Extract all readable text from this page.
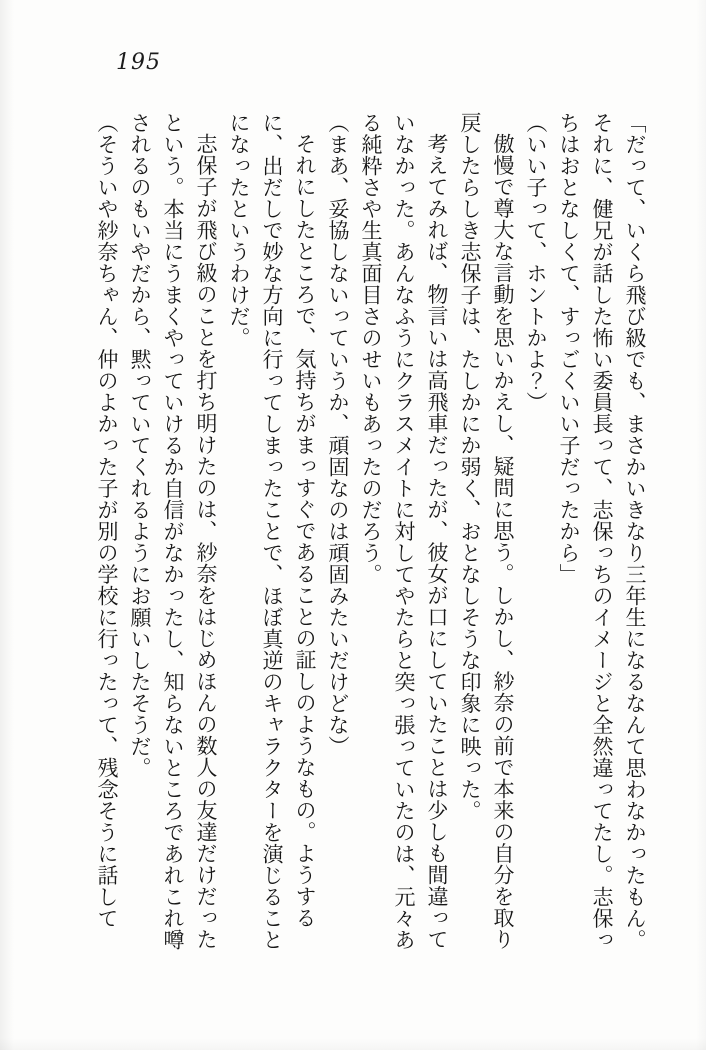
195

「だって、いくら飛び級でも、まさかいきなり三年生になるなんて思わなかったもん。それに、健兄が話した怖い委員長って、志保っちのイメージと全然違ってたし。志保っちはおとなしくて、すっごくいい子だったから」

（いい子って、ホントかよ？）

傲慢で尊大な言動を思いかえし、疑問に思う。しかし、紗奈の前で本来の自分を取り戻したらしき志保子は、たしかにか弱く、おとなしそうな印象に映った。

考えてみれば、物言いは高飛車だったが、彼女が口にしていたことは少しも間違っていなかった。あんなふうにクラスメイトに対してやたらと突っ張っていたのは、元々ある純粋さや生真面目さのせいもあったのだろう。

（まあ、妥協しないっていうか、頑固なのは頑固みたいだけどな）

それにしたところで、気持ちがまっすぐであることの証しのようなもの。ようするに、出だしで妙な方向に行ってしまったことで、ほぼ真逆のキャラクターを演じることになったというわけだ。

志保子が飛び級のことを打ち明けたのは、紗奈をはじめほんの数人の友達だけだったという。本当にうまくやっていけるか自信がなかったし、知らないところであれこれ噂されるのもいやだから、黙っていてくれるようにお願いしたそうだ。

（そういや紗奈ちゃん、仲のよかった子が別の学校に行ったって、残念そうに話して
